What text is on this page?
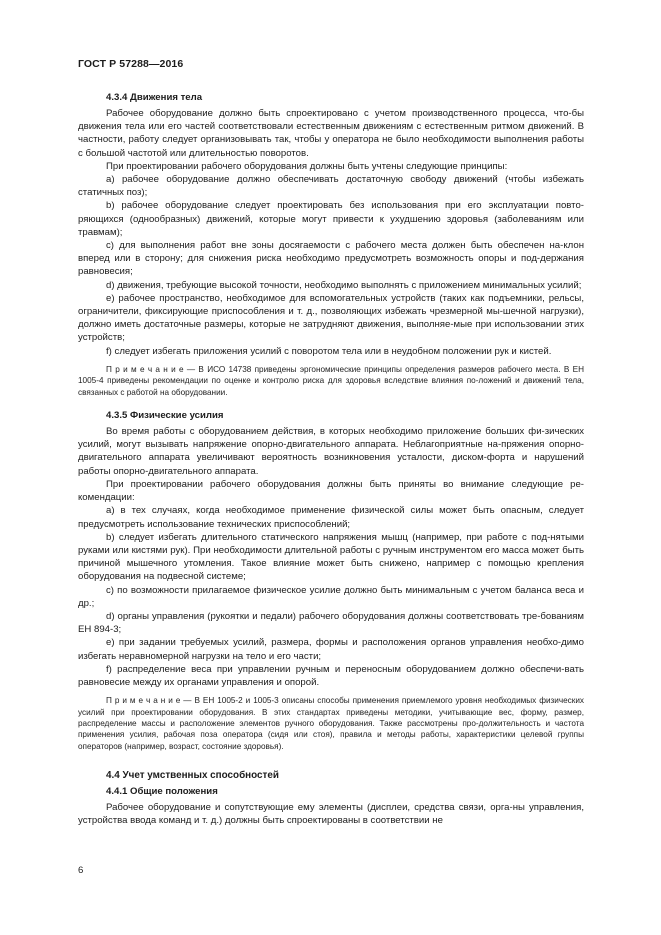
ГОСТ Р 57288—2016
4.3.4 Движения тела

Рабочее оборудование должно быть спроектировано с учетом производственного процесса, что-бы движения тела или его частей соответствовали естественным движениям с естественным ритмом движений. В частности, работу следует организовывать так, чтобы у оператора не было необходимости выполнения работы с большой частотой или длительностью поворотов.

При проектировании рабочего оборудования должны быть учтены следующие принципы:

a) рабочее оборудование должно обеспечивать достаточную свободу движений (чтобы избежать статичных поз);

b) рабочее оборудование следует проектировать без использования при его эксплуатации повто-ряющихся (однообразных) движений, которые могут привести к ухудшению здоровья (заболеваниям или травмам);

c) для выполнения работ вне зоны досягаемости с рабочего места должен быть обеспечен на-клон вперед или в сторону; для снижения риска необходимо предусмотреть возможность опоры и под-держания равновесия;

d) движения, требующие высокой точности, необходимо выполнять с приложением минимальных усилий;

e) рабочее пространство, необходимое для вспомогательных устройств (таких как подъемники, рельсы, ограничители, фиксирующие приспособления и т. д., позволяющих избежать чрезмерной мы-шечной нагрузки), должно иметь достаточные размеры, которые не затрудняют движения, выполняе-мые при использовании этих устройств;

f) следует избегать приложения усилий с поворотом тела или в неудобном положении рук и кистей.

П р и м е ч а н и е — В ИСО 14738 приведены эргономические принципы определения размеров рабочего места. В ЕН 1005-4 приведены рекомендации по оценке и контролю риска для здоровья вследствие влияния по-ложений и движений тела, связанных с работой на оборудовании.

4.3.5 Физические усилия

Во время работы с оборудованием действия, в которых необходимо приложение больших фи-зических усилий, могут вызывать напряжение опорно-двигательного аппарата. Неблагоприятные на-пряжения опорно-двигательного аппарата увеличивают вероятность возникновения усталости, диском-форта и нарушений работы опорно-двигательного аппарата.

При проектировании рабочего оборудования должны быть приняты во внимание следующие ре-комендации:

a) в тех случаях, когда необходимое применение физической силы может быть опасным, следует предусмотреть использование технических приспособлений;

b) следует избегать длительного статического напряжения мышц (например, при работе с под-нятыми руками или кистями рук). При необходимости длительной работы с ручным инструментом его масса может быть причиной мышечного утомления. Такое влияние может быть снижено, например с помощью крепления оборудования на подвесной системе;

c) по возможности прилагаемое физическое усилие должно быть минимальным с учетом баланса веса и др.;

d) органы управления (рукоятки и педали) рабочего оборудования должны соответствовать тре-бованиям ЕН 894-3;

e) при задании требуемых усилий, размера, формы и расположения органов управления необхо-димо избегать неравномерной нагрузки на тело и его части;

f) распределение веса при управлении ручным и переносным оборудованием должно обеспечи-вать равновесие между их органами управления и опорой.

П р и м е ч а н и е — В ЕН 1005-2 и 1005-3 описаны способы применения приемлемого уровня необходимых физических усилий при проектировании оборудования. В этих стандартах приведены методики, учитывающие вес, форму, размер, распределение массы и расположение элементов ручного оборудования. Также рассмотрены про-должительность и частота применения усилия, рабочая поза оператора (сидя или стоя), правила и методы работы, характеристики целевой группы операторов (например, возраст, состояние здоровья).

4.4 Учет умственных способностей
4.4.1 Общие положения

Рабочее оборудование и сопутствующие ему элементы (дисплеи, средства связи, орга-ны управления, устройства ввода команд и т. д.) должны быть спроектированы в соответствии не

6
